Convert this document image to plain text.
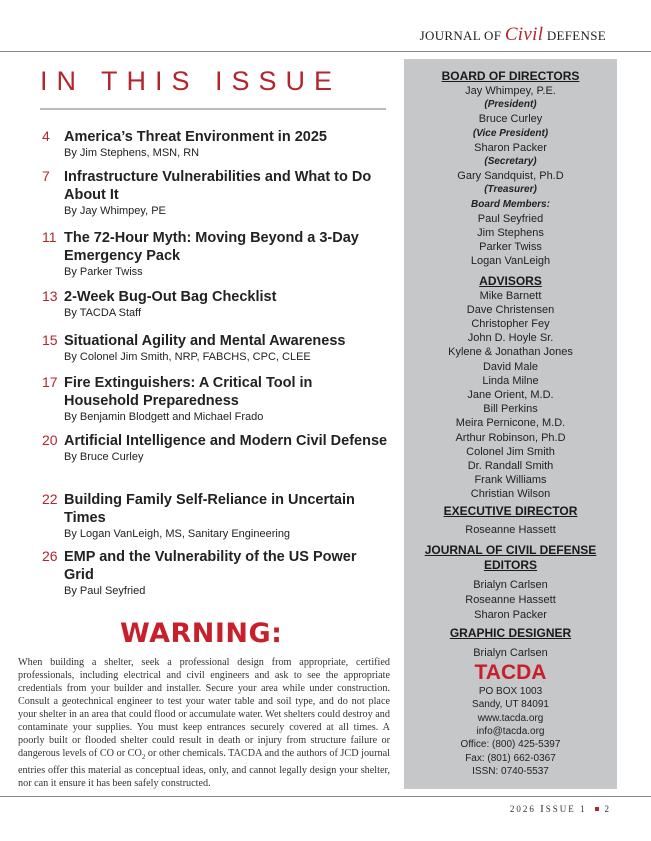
JOURNAL OF Civil DEFENSE
IN THIS ISSUE
4 America’s Threat Environment in 2025
By Jim Stephens, MSN, RN
7 Infrastructure Vulnerabilities and What to Do About It
By Jay Whimpey, PE
11 The 72-Hour Myth: Moving Beyond a 3-Day Emergency Pack
By Parker Twiss
13 2-Week Bug-Out Bag Checklist
By TACDA Staff
15 Situational Agility and Mental Awareness
By Colonel Jim Smith, NRP, FABCHS, CPC, CLEE
17 Fire Extinguishers: A Critical Tool in Household Preparedness
By Benjamin Blodgett and Michael Frado
20 Artificial Intelligence and Modern Civil Defense
By Bruce Curley
22 Building Family Self-Reliance in Uncertain Times
By Logan VanLeigh, MS, Sanitary Engineering
26 EMP and the Vulnerability of the US Power Grid
By Paul Seyfried
WARNING:

When building a shelter, seek a professional design from appropriate, certified professionals, including electrical and civil engineers and ask to see the appropriate credentials from your builder and installer. Secure your area while under construction. Consult a geotechnical engineer to test your water table and soil type, and do not place your shelter in an area that could flood or accumulate water. Wet shelters could destroy and contaminate your supplies. You must keep entrances securely covered at all times. A poorly built or flooded shelter could result in death or injury from structure failure or dangerous levels of CO or $CO_2$ or other chemicals. TACDA and the authors of JCD journal entries offer this material as conceptual ideas, only, and cannot legally design your shelter, nor can it ensure it has been safely constructed.

BOARD OF DIRECTORS
Jay Whimpey, P.E.
(President)
Bruce Curley
(Vice President)
Sharon Packer
(Secretary)
Gary Sandquist, Ph.D
(Treasurer)
Board Members:
Paul Seyfried
Jim Stephens
Parker Twiss
Logan VanLeigh
ADVISORS
Mike Barnett
Dave Christensen
Christopher Fey
John D. Hoyle Sr.
Kylene & Jonathan Jones
David Male
Linda Milne
Jane Orient, M.D.
Bill Perkins
Meira Pernicone, M.D.
Arthur Robinson, Ph.D
Colonel Jim Smith
Dr. Randall Smith
Frank Williams
Christian Wilson
EXECUTIVE DIRECTOR
Roseanne Hassett
JOURNAL OF CIVIL DEFENSE EDITORS
Brialyn Carlsen
Roseanne Hassett
Sharon Packer
GRAPHIC DESIGNER
Brialyn Carlsen
TACDA
PO BOX 1003
Sandy, UT 84091
www.tacda.org
info@tacda.org
Office: (800) 425-5397
Fax: (801) 662-0367
ISSN: 0740-5537
2026 ISSUE 1 2
